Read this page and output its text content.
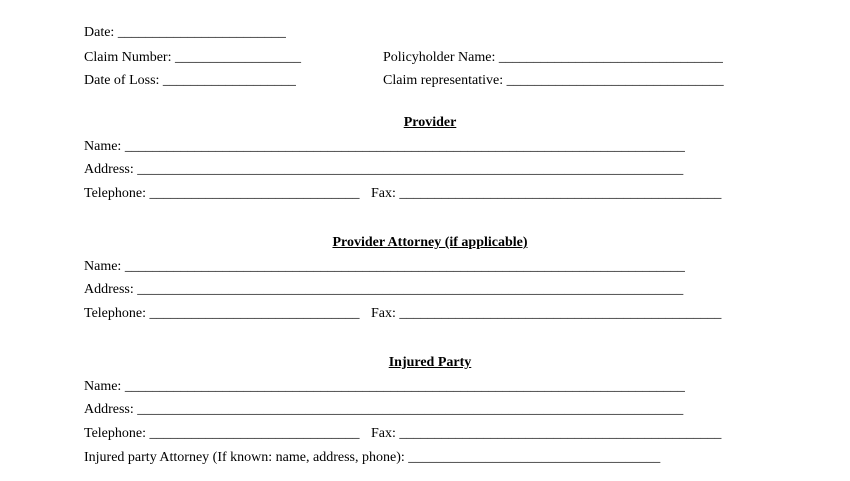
Date: ________________________
Claim Number: __________________	Policyholder Name: ________________________________
Date of Loss: ___________________	Claim representative: _______________________________
Provider
Name: ________________________________________________________________________________
Address: ______________________________________________________________________________
Telephone: ______________________________ Fax: ______________________________________________
Provider Attorney (if applicable)
Name: ________________________________________________________________________________
Address: ______________________________________________________________________________
Telephone: ______________________________ Fax: ______________________________________________
Injured Party
Name: ________________________________________________________________________________
Address: ______________________________________________________________________________
Telephone: ______________________________ Fax: ______________________________________________
Injured party Attorney (If known: name, address, phone): ____________________________________
